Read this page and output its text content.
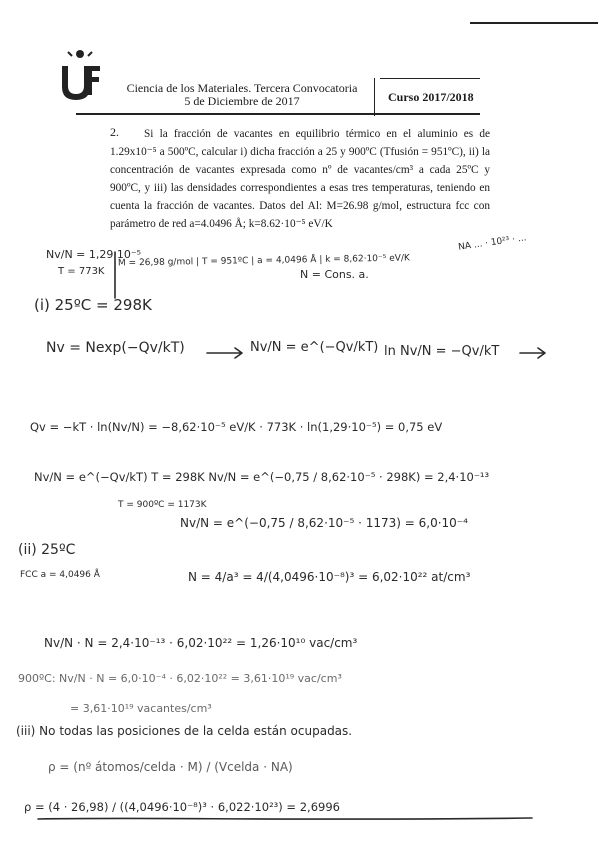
Ciencia de los Materiales. Tercera Convocatoria
5 de Diciembre de 2017	Curso 2017/2018
2.	Si la fracción de vacantes en equilibrio térmico en el aluminio es de 1.29x10⁻⁵ a 500ºC, calcular i) dicha fracción a 25 y 900ºC (Tfusión = 951ºC), ii) la concentración de vacantes expresada como nº de vacantes/cm³ a cada 25ºC y 900ºC, y iii) las densidades correspondientes a esas tres temperaturas, teniendo en cuenta la fracción de vacantes. Datos del Al: M=26.98 g/mol, estructura fcc con parámetro de red a=4.0496 Å; k=8.62·10⁻⁵ eV/K
Nv/N = 1,29·10⁻⁵
T = 773K
M = 26,98 g/mol | T = 951ºC | a = 4,0496 Å | k = 8,62·10⁻⁵ eV/K
N = Cons. a.
NA ... · 10²³ · ...
(i) 25ºC = 298K
Nv = Nexp(−Qv/kT)	Nv/N = e^(−Qv/kT) ln Nv/N = −Qv/kT
Qv = −kT · ln(Nv/N) = −8,62·10⁻⁵ eV/K · 773K · ln(1,29·10⁻⁵) = 0,75 eV
Nv/N = e^(−Qv/kT) T = 298K Nv/N = e^(−0,75 / 8,62·10⁻⁵ · 298K) = 2,4·10⁻¹³
T = 900ºC = 1173K
Nv/N = e^(−0,75 / 8,62·10⁻⁵ · 1173) = 6,0·10⁻⁴
(ii) 25ºC
FCC a = 4,0496 Å	N = 4/a³ = 4/(4,0496·10⁻⁸)³ = 6,02·10²² at/cm³
Nv/N · N = 2,4·10⁻¹³ · 6,02·10²² = 1,26·10¹⁰ vac/cm³
900ºC: Nv/N · N = 6,0·10⁻⁴ · 6,02·10²² = 3,61·10¹⁹ vac/cm³
= 3,61·10¹⁹ vacantes/cm³
(iii) No todas las posiciones de la celda están ocupadas.
ρ = (nº átomos/celda · M) / (Vcelda · NA)
ρ = (4 · 26,98) / ((4,0496·10⁻⁸)³ · 6,022·10²³) = 2,6996
